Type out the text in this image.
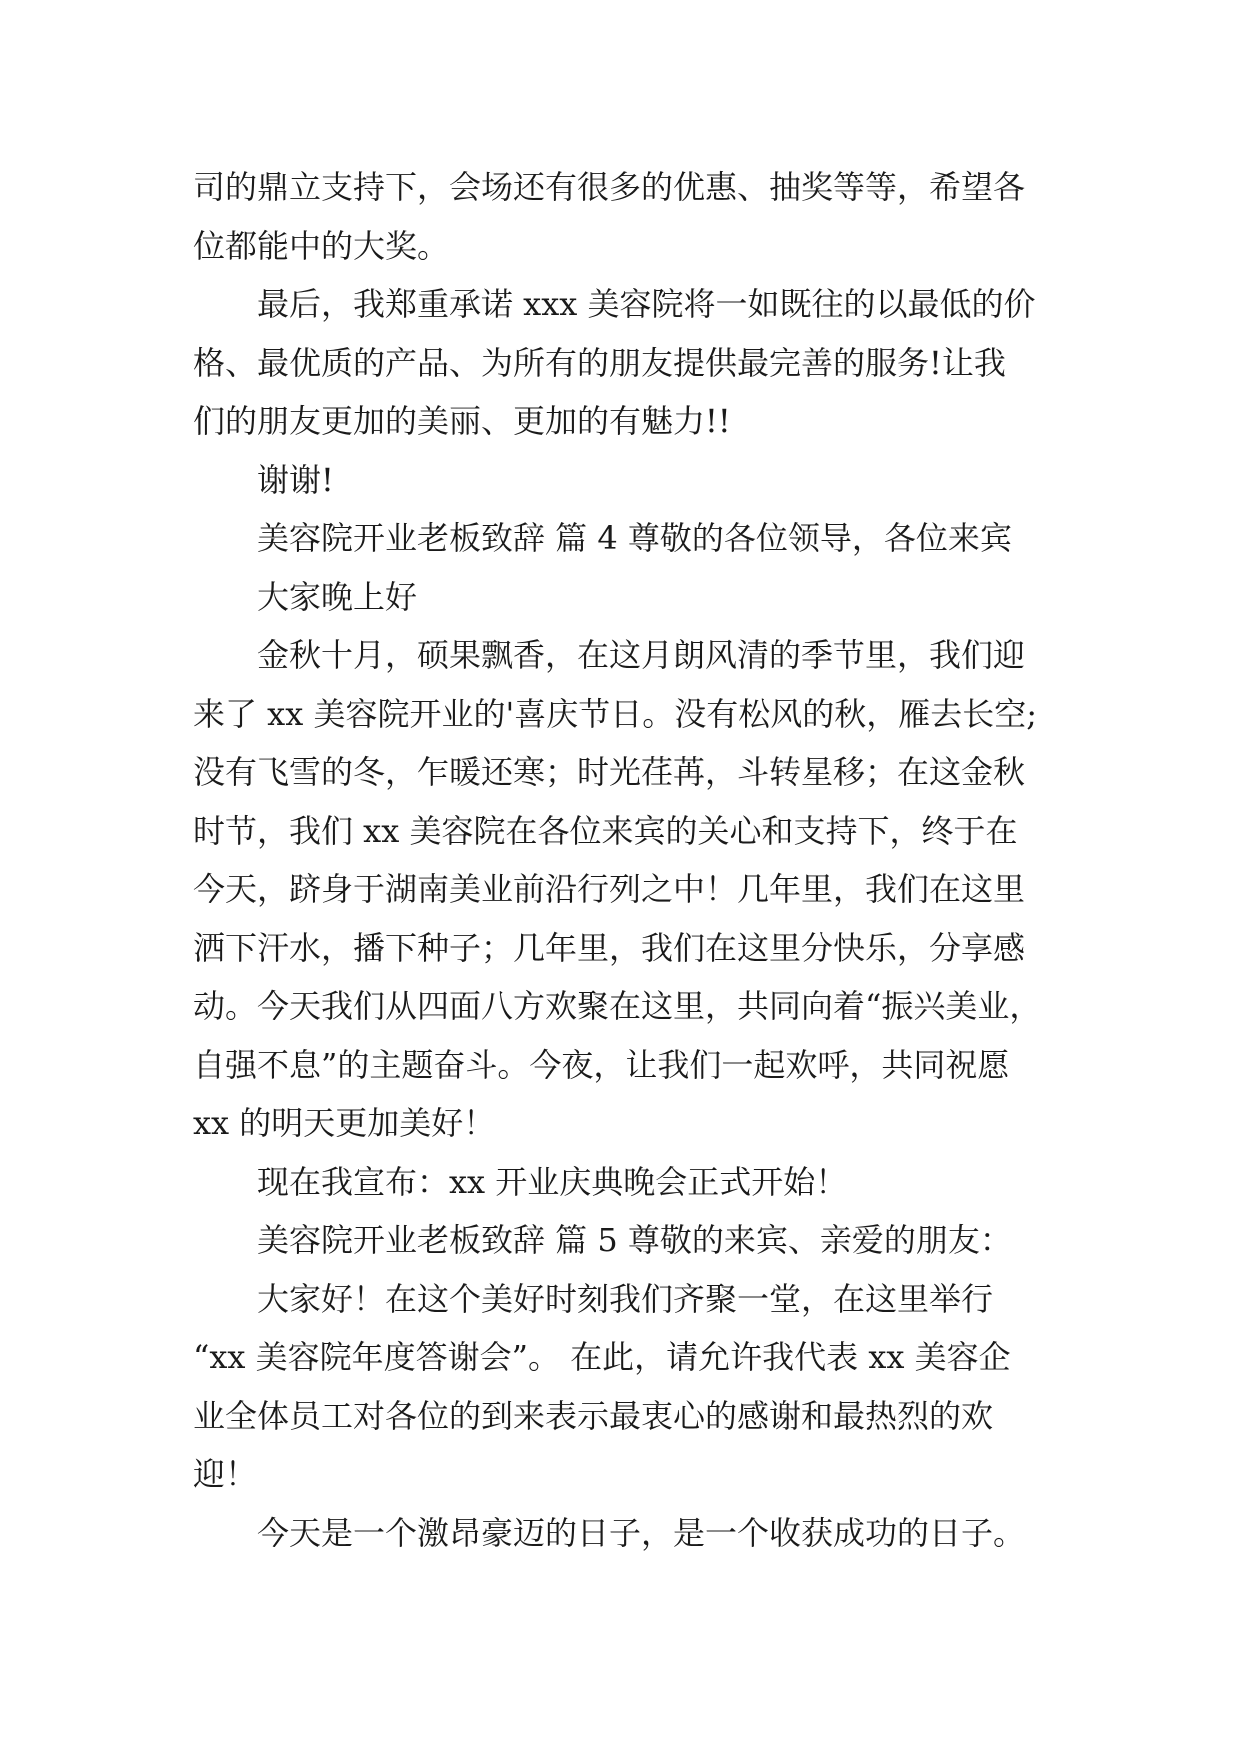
司的鼎立支持下，会场还有很多的优惠、抽奖等等，希望各
位都能中的大奖。
最后，我郑重承诺 xxx 美容院将一如既往的以最低的价
格、最优质的产品、为所有的朋友提供最完善的服务!让我
们的朋友更加的美丽、更加的有魅力!!
谢谢!
美容院开业老板致辞 篇 4 尊敬的各位领导，各位来宾
大家晚上好
金秋十月，硕果飘香，在这月朗风清的季节里，我们迎
来了 xx 美容院开业的'喜庆节日。没有松风的秋，雁去长空;
没有飞雪的冬，乍暖还寒；时光荏苒，斗转星移；在这金秋
时节，我们 xx 美容院在各位来宾的关心和支持下，终于在
今天，跻身于湖南美业前沿行列之中！几年里，我们在这里
洒下汗水，播下种子；几年里，我们在这里分快乐，分享感
动。今天我们从四面八方欢聚在这里，共同向着“振兴美业，
自强不息”的主题奋斗。今夜，让我们一起欢呼，共同祝愿
xx 的明天更加美好！
现在我宣布：xx 开业庆典晚会正式开始！
美容院开业老板致辞 篇 5 尊敬的来宾、亲爱的朋友：
大家好！在这个美好时刻我们齐聚一堂，在这里举行
“xx 美容院年度答谢会”。 在此，请允许我代表 xx 美容企
业全体员工对各位的到来表示最衷心的感谢和最热烈的欢
迎！
今天是一个激昂豪迈的日子，是一个收获成功的日子。
